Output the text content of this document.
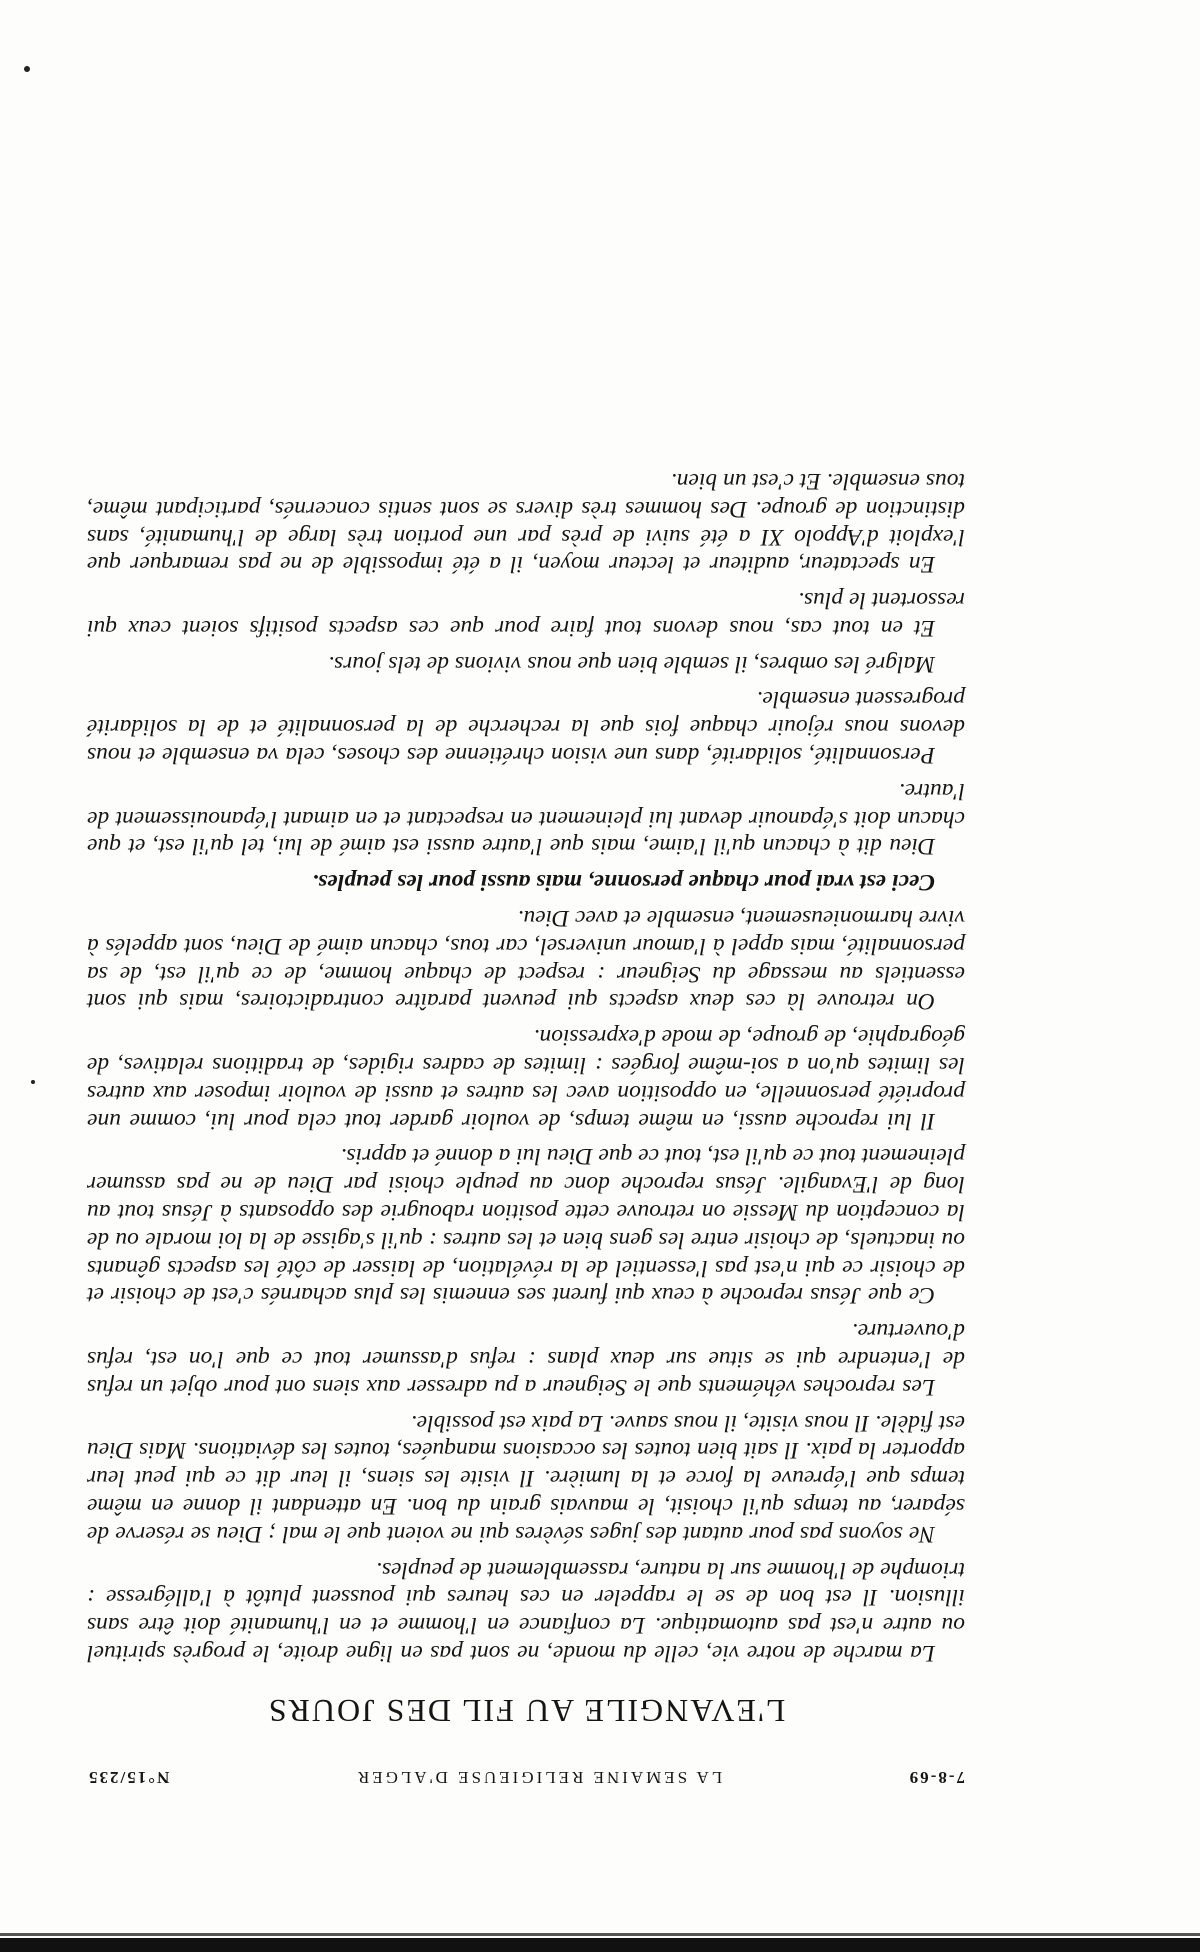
7-8-69
LA SEMAINE RELIGIEUSE D'ALGER
N°15/235
L'EVANGILE AU FIL DES JOURS

La marche de notre vie, celle du monde, ne sont pas en ligne droite, le progrès spirituel ou autre n'est pas automatique. La confiance en l'homme et en l'humanité doit être sans illusion. Il est bon de se le rappeler en ces heures qui poussent plutôt à l'allégresse : triomphe de l'homme sur la nature, rassemblement de peuples.

Ne soyons pas pour autant des juges sévères qui ne voient que le mal ; Dieu se réserve de séparer, au temps qu'il choisit, le mauvais grain du bon. En attendant il donne en même temps que l'épreuve la force et la lumière. Il visite les siens, il leur dit ce qui peut leur apporter la paix. Il sait bien toutes les occasions manquées, toutes les déviations. Mais Dieu est fidèle. Il nous visite, il nous sauve. La paix est possible.

Les reproches véhéments que le Seigneur a pu adresser aux siens ont pour objet un refus de l'entendre qui se situe sur deux plans : refus d'assumer tout ce que l'on est, refus d'ouverture.

Ce que Jésus reproche à ceux qui furent ses ennemis les plus acharnés c'est de choisir et de choisir ce qui n'est pas l'essentiel de la révélation, de laisser de côté les aspects gênants ou inactuels, de choisir entre les gens bien et les autres : qu'il s'agisse de la loi morale ou de la conception du Messie on retrouve cette position rabougrie des opposants à Jésus tout au long de l'Evangile. Jésus reproche donc au peuple choisi par Dieu de ne pas assumer pleinement tout ce qu'il est, tout ce que Dieu lui a donné et appris.

Il lui reproche aussi, en même temps, de vouloir garder tout cela pour lui, comme une propriété personnelle, en opposition avec les autres et aussi de vouloir imposer aux autres les limites qu'on a soi-même forgées : limites de cadres rigides, de traditions relatives, de géographie, de groupe, de mode d'expression.

On retrouve là ces deux aspects qui peuvent paraître contradictoires, mais qui sont essentiels au message du Seigneur : respect de chaque homme, de ce qu'il est, de sa personnalité, mais appel à l'amour universel, car tous, chacun aimé de Dieu, sont appelés à vivre harmonieusement, ensemble et avec Dieu.

Ceci est vrai pour chaque personne, mais aussi pour les peuples.

Dieu dit à chacun qu'il l'aime, mais que l'autre aussi est aimé de lui, tel qu'il est, et que chacun doit s'épanouir devant lui pleinement en respectant et en aimant l'épanouissement de l'autre.

Personnalité, solidarité, dans une vision chrétienne des choses, cela va ensemble et nous devons nous réjouir chaque fois que la recherche de la personnalité et de la solidarité progressent ensemble.

Malgré les ombres, il semble bien que nous vivions de tels jours.

Et en tout cas, nous devons tout faire pour que ces aspects positifs soient ceux qui ressortent le plus.

En spectateur, auditeur et lecteur moyen, il a été impossible de ne pas remarquer que l'exploit d'Appolo XI a été suivi de près par une portion très large de l'humanité, sans distinction de groupe. Des hommes très divers se sont sentis concernés, participant même, tous ensemble. Et c'est un bien.
